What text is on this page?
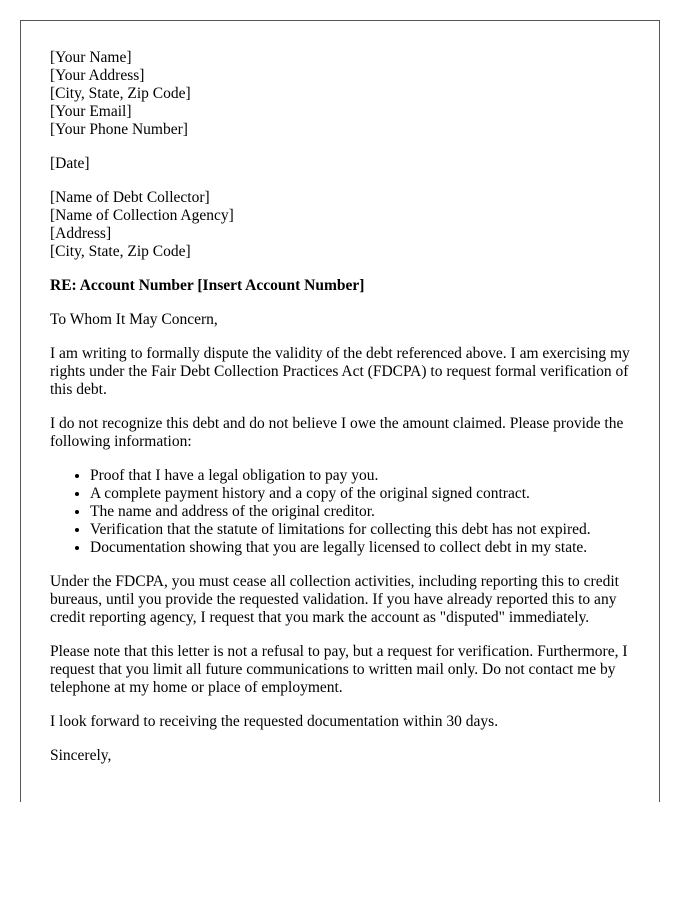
[Your Name]
[Your Address]
[City, State, Zip Code]
[Your Email]
[Your Phone Number]
[Date]
[Name of Debt Collector]
[Name of Collection Agency]
[Address]
[City, State, Zip Code]

RE: Account Number [Insert Account Number]

To Whom It May Concern,

I am writing to formally dispute the validity of the debt referenced above. I am exercising my rights under the Fair Debt Collection Practices Act (FDCPA) to request formal verification of this debt.

I do not recognize this debt and do not believe I owe the amount claimed. Please provide the following information:

• Proof that I have a legal obligation to pay you.
• A complete payment history and a copy of the original signed contract.
• The name and address of the original creditor.
• Verification that the statute of limitations for collecting this debt has not expired.
• Documentation showing that you are legally licensed to collect debt in my state.

Under the FDCPA, you must cease all collection activities, including reporting this to credit bureaus, until you provide the requested validation. If you have already reported this to any credit reporting agency, I request that you mark the account as "disputed" immediately.

Please note that this letter is not a refusal to pay, but a request for verification. Furthermore, I request that you limit all future communications to written mail only. Do not contact me by telephone at my home or place of employment.

I look forward to receiving the requested documentation within 30 days.

Sincerely,
